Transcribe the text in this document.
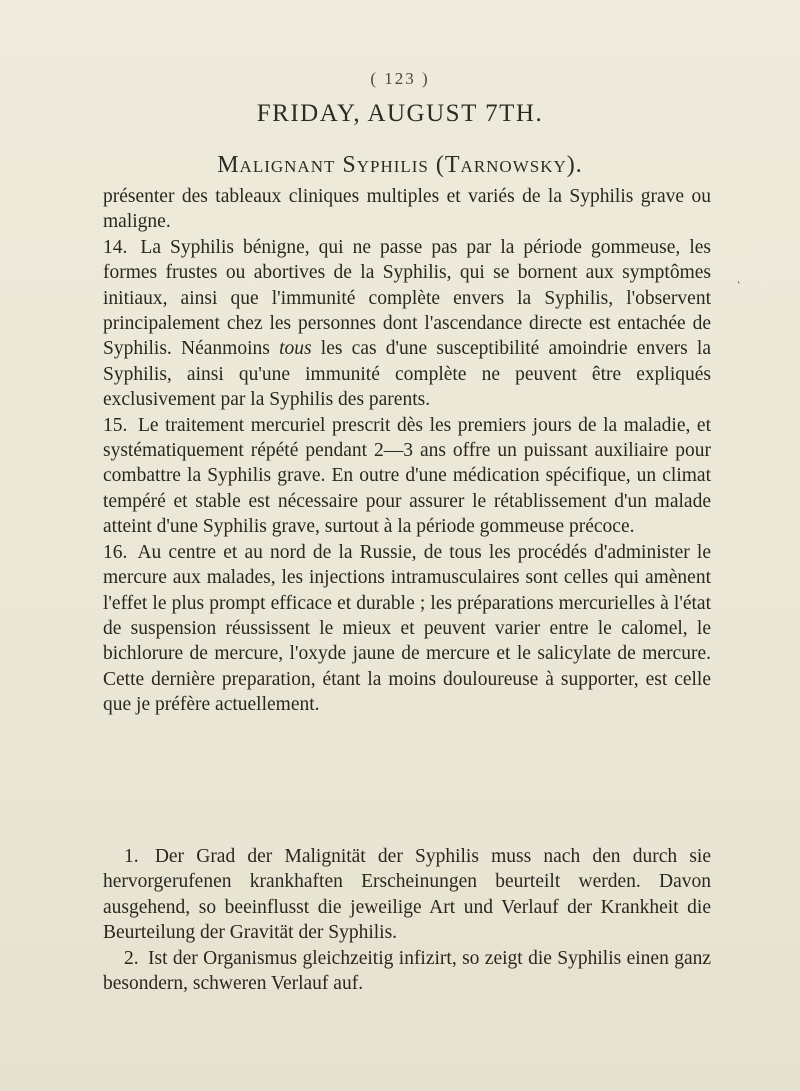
( 123 )
FRIDAY, AUGUST 7TH.
Malignant Syphilis (Tarnowsky).

présenter des tableaux cliniques multiples et variés de la Syphilis grave ou maligne.

14. La Syphilis bénigne, qui ne passe pas par la période gommeuse, les formes frustes ou abortives de la Syphilis, qui se bornent aux symptômes initiaux, ainsi que l'immunité complète envers la Syphilis, l'observent principalement chez les personnes dont l'ascendance directe est entachée de Syphilis. Néanmoins tous les cas d'une susceptibilité amoindrie envers la Syphilis, ainsi qu'une immunité complète ne peuvent être expliqués exclusivement par la Syphilis des parents.

15. Le traitement mercuriel prescrit dès les premiers jours de la maladie, et systématiquement répété pendant 2—3 ans offre un puissant auxiliaire pour combattre la Syphilis grave. En outre d'une médication spécifique, un climat tempéré et stable est nécessaire pour assurer le rétablissement d'un malade atteint d'une Syphilis grave, surtout à la période gommeuse précoce.

16. Au centre et au nord de la Russie, de tous les procédés d'administer le mercure aux malades, les injections intramusculaires sont celles qui amènent l'effet le plus prompt efficace et durable ; les préparations mercurielles à l'état de suspension réussissent le mieux et peuvent varier entre le calomel, le bichlorure de mercure, l'oxyde jaune de mercure et le salicylate de mercure. Cette dernière preparation, étant la moins douloureuse à supporter, est celle que je préfère actuellement.

1. Der Grad der Malignität der Syphilis muss nach den durch sie hervorgerufenen krankhaften Erscheinungen beurteilt werden. Davon ausgehend, so beeinflusst die jeweilige Art und Verlauf der Krankheit die Beurteilung der Gravität der Syphilis.

2. Ist der Organismus gleichzeitig infizirt, so zeigt die Syphilis einen ganz besondern, schweren Verlauf auf.

‛
